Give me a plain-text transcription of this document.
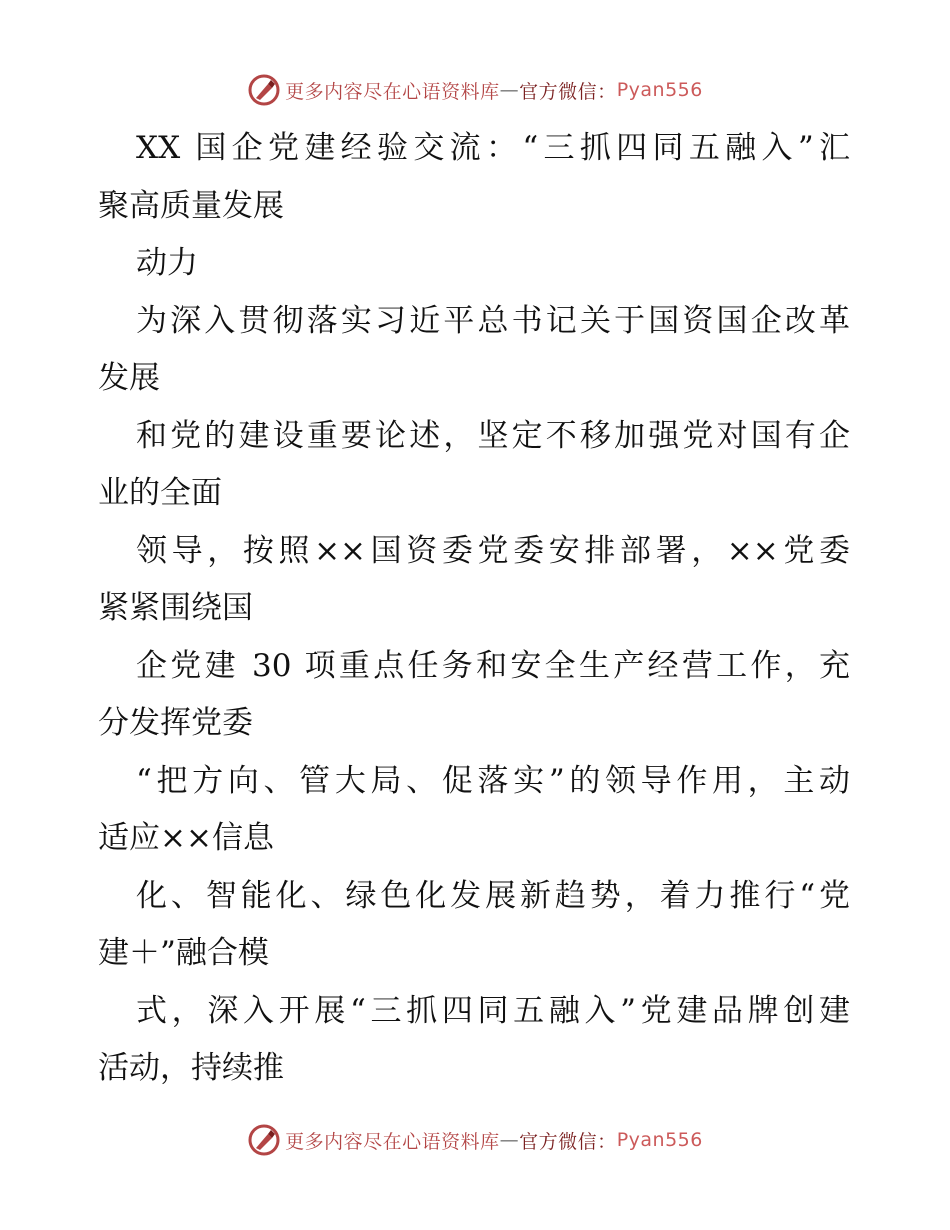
更多内容尽在心语资料库 — 官方微信： Pyan556
XX 国企党建经验交流：“三抓四同五融入”汇
聚高质量发展
动力
为深入贯彻落实习近平总书记关于国资国企改革
发展
和党的建设重要论述，坚定不移加强党对国有企
业的全面
领导，按照××国资委党委安排部署，××党委
紧紧围绕国
企党建 30 项重点任务和安全生产经营工作，充
分发挥党委
“把方向、管大局、促落实”的领导作用，主动
适应××信息
化、智能化、绿色化发展新趋势，着力推行“党
建＋”融合模
式，深入开展“三抓四同五融入”党建品牌创建
活动，持续推
更多内容尽在心语资料库 — 官方微信： Pyan556
